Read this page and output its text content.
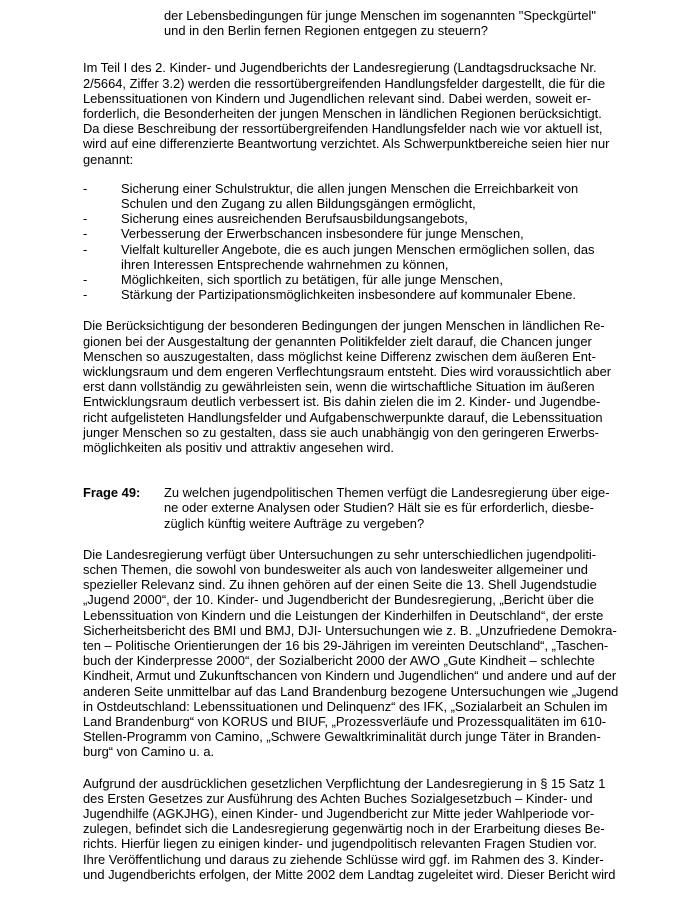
der Lebensbedingungen für junge Menschen im sogenannten "Speckgürtel"
und in den Berlin fernen Regionen entgegen zu steuern?
Im Teil I des 2. Kinder- und Jugendberichts der Landesregierung (Landtagsdrucksache Nr.
2/5664, Ziffer 3.2) werden die ressortübergreifenden Handlungsfelder dargestellt, die für die
Lebenssituationen von Kindern und Jugendlichen relevant sind. Dabei werden, soweit er-
forderlich, die Besonderheiten der jungen Menschen in ländlichen Regionen berücksichtigt.
Da diese Beschreibung der ressortübergreifenden Handlungsfelder nach wie vor aktuell ist,
wird auf eine differenzierte Beantwortung verzichtet. Als Schwerpunktbereiche seien hier nur
genannt:
-	Sicherung einer Schulstruktur, die allen jungen Menschen die Erreichbarkeit von
Schulen und den Zugang zu allen Bildungsgängen ermöglicht,
-	Sicherung eines ausreichenden Berufsausbildungsangebots,
-	Verbesserung der Erwerbschancen insbesondere für junge Menschen,
-	Vielfalt kultureller Angebote, die es auch jungen Menschen ermöglichen sollen, das
ihren Interessen Entsprechende wahrnehmen zu können,
-	Möglichkeiten, sich sportlich zu betätigen, für alle junge Menschen,
-	Stärkung der Partizipationsmöglichkeiten insbesondere auf kommunaler Ebene.
Die Berücksichtigung der besonderen Bedingungen der jungen Menschen in ländlichen Re-
gionen bei der Ausgestaltung der genannten Politikfelder zielt darauf, die Chancen junger
Menschen so auszugestalten, dass möglichst keine Differenz zwischen dem äußeren Ent-
wicklungsraum und dem engeren Verflechtungsraum entsteht. Dies wird voraussichtlich aber
erst dann vollständig zu gewährleisten sein, wenn die wirtschaftliche Situation im äußeren
Entwicklungsraum deutlich verbessert ist. Bis dahin zielen die im 2. Kinder- und Jugendbe-
richt aufgelisteten Handlungsfelder und Aufgabenschwerpunkte darauf, die Lebenssituation
junger Menschen so zu gestalten, dass sie auch unabhängig von den geringeren Erwerbs-
möglichkeiten als positiv und attraktiv angesehen wird.
Frage 49: Zu welchen jugendpolitischen Themen verfügt die Landesregierung über eige-
ne oder externe Analysen oder Studien? Hält sie es für erforderlich, diesbe-
züglich künftig weitere Aufträge zu vergeben?
Die Landesregierung verfügt über Untersuchungen zu sehr unterschiedlichen jugendpoliti-
schen Themen, die sowohl von bundesweiter als auch von landesweiter allgemeiner und
spezieller Relevanz sind. Zu ihnen gehören auf der einen Seite die 13. Shell Jugendstudie
„Jugend 2000“, der 10. Kinder- und Jugendbericht der Bundesregierung, „Bericht über die
Lebenssituation von Kindern und die Leistungen der Kinderhilfen in Deutschland“, der erste
Sicherheitsbericht des BMI und BMJ, DJI- Untersuchungen wie z. B. „Unzufriedene Demokra-
ten – Politische Orientierungen der 16 bis 29-Jährigen im vereinten Deutschland“, „Taschen-
buch der Kinderpresse 2000“, der Sozialbericht 2000 der AWO „Gute Kindheit – schlechte
Kindheit, Armut und Zukunftschancen von Kindern und Jugendlichen“ und andere und auf der
anderen Seite unmittelbar auf das Land Brandenburg bezogene Untersuchungen wie „Jugend
in Ostdeutschland: Lebenssituationen und Delinquenz“ des IFK, „Sozialarbeit an Schulen im
Land Brandenburg“ von KORUS und BIUF, „Prozessverläufe und Prozessqualitäten im 610-
Stellen-Programm von Camino, „Schwere Gewaltkriminalität durch junge Täter in Branden-
burg“ von Camino u. a.
Aufgrund der ausdrücklichen gesetzlichen Verpflichtung der Landesregierung in § 15 Satz 1
des Ersten Gesetzes zur Ausführung des Achten Buches Sozialgesetzbuch – Kinder- und
Jugendhilfe (AGKJHG), einen Kinder- und Jugendbericht zur Mitte jeder Wahlperiode vor-
zulegen, befindet sich die Landesregierung gegenwärtig noch in der Erarbeitung dieses Be-
richts. Hierfür liegen zu einigen kinder- und jugendpolitisch relevanten Fragen Studien vor.
Ihre Veröffentlichung und daraus zu ziehende Schlüsse wird ggf. im Rahmen des 3. Kinder-
und Jugendberichts erfolgen, der Mitte 2002 dem Landtag zugeleitet wird. Dieser Bericht wird
